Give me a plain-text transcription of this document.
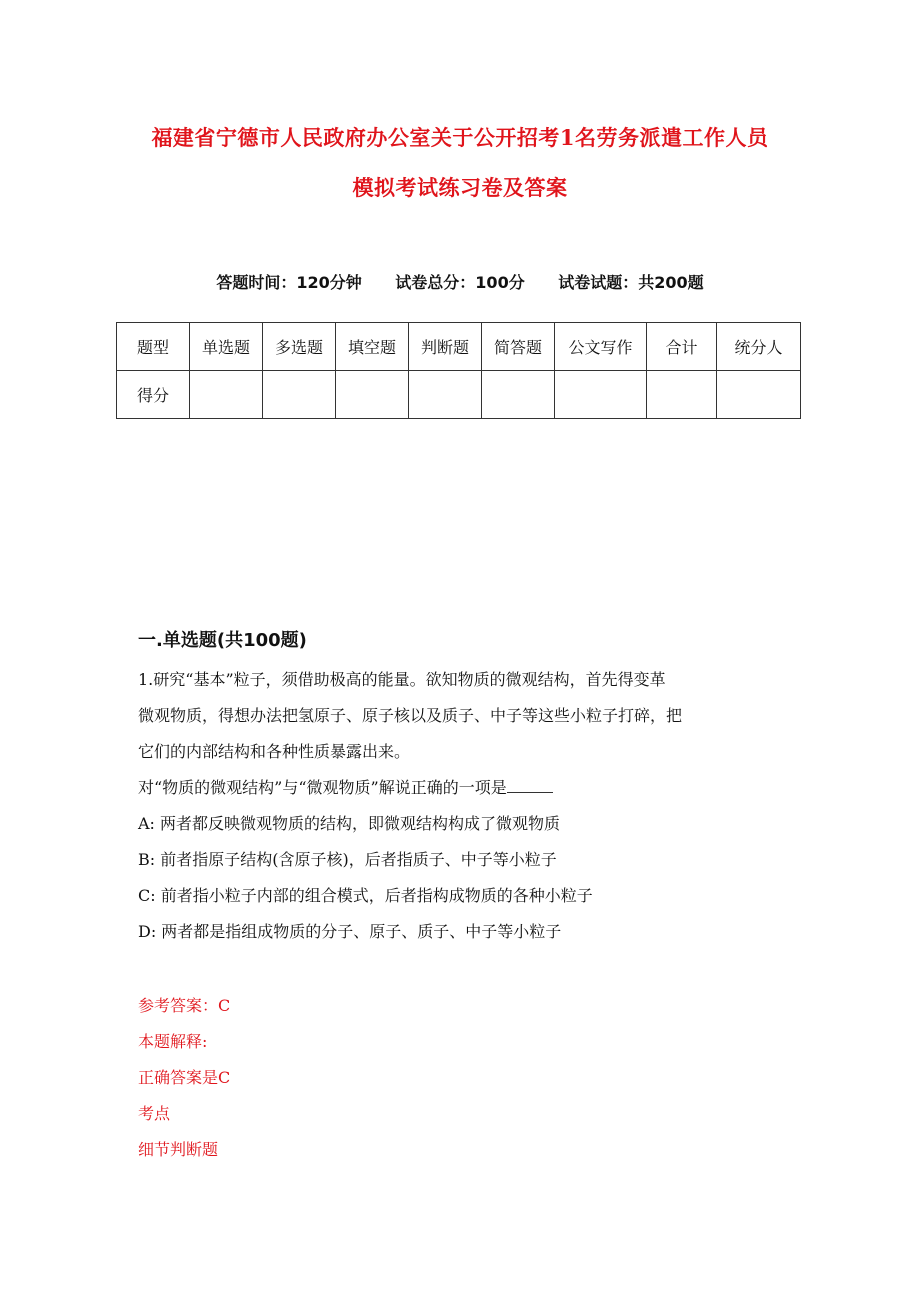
福建省宁德市人民政府办公室关于公开招考1名劳务派遣工作人员
模拟考试练习卷及答案
答题时间：120分钟 试卷总分：100分 试卷试题：共200题
题型	单选题	多选题	填空题	判断题	简答题	公文写作	合计	统分人
得分								
一.单选题(共100题)
1.研究“基本”粒子，须借助极高的能量。欲知物质的微观结构，首先得变革
微观物质，得想办法把氢原子、原子核以及质子、中子等这些小粒子打碎，把
它们的内部结构和各种性质暴露出来。
对“物质的微观结构”与“微观物质”解说正确的一项是
A: 两者都反映微观物质的结构，即微观结构构成了微观物质
B: 前者指原子结构(含原子核)，后者指质子、中子等小粒子
C: 前者指小粒子内部的组合模式，后者指构成物质的各种小粒子
D: 两者都是指组成物质的分子、原子、质子、中子等小粒子
参考答案：C
本题解释:
正确答案是C
考点
细节判断题
